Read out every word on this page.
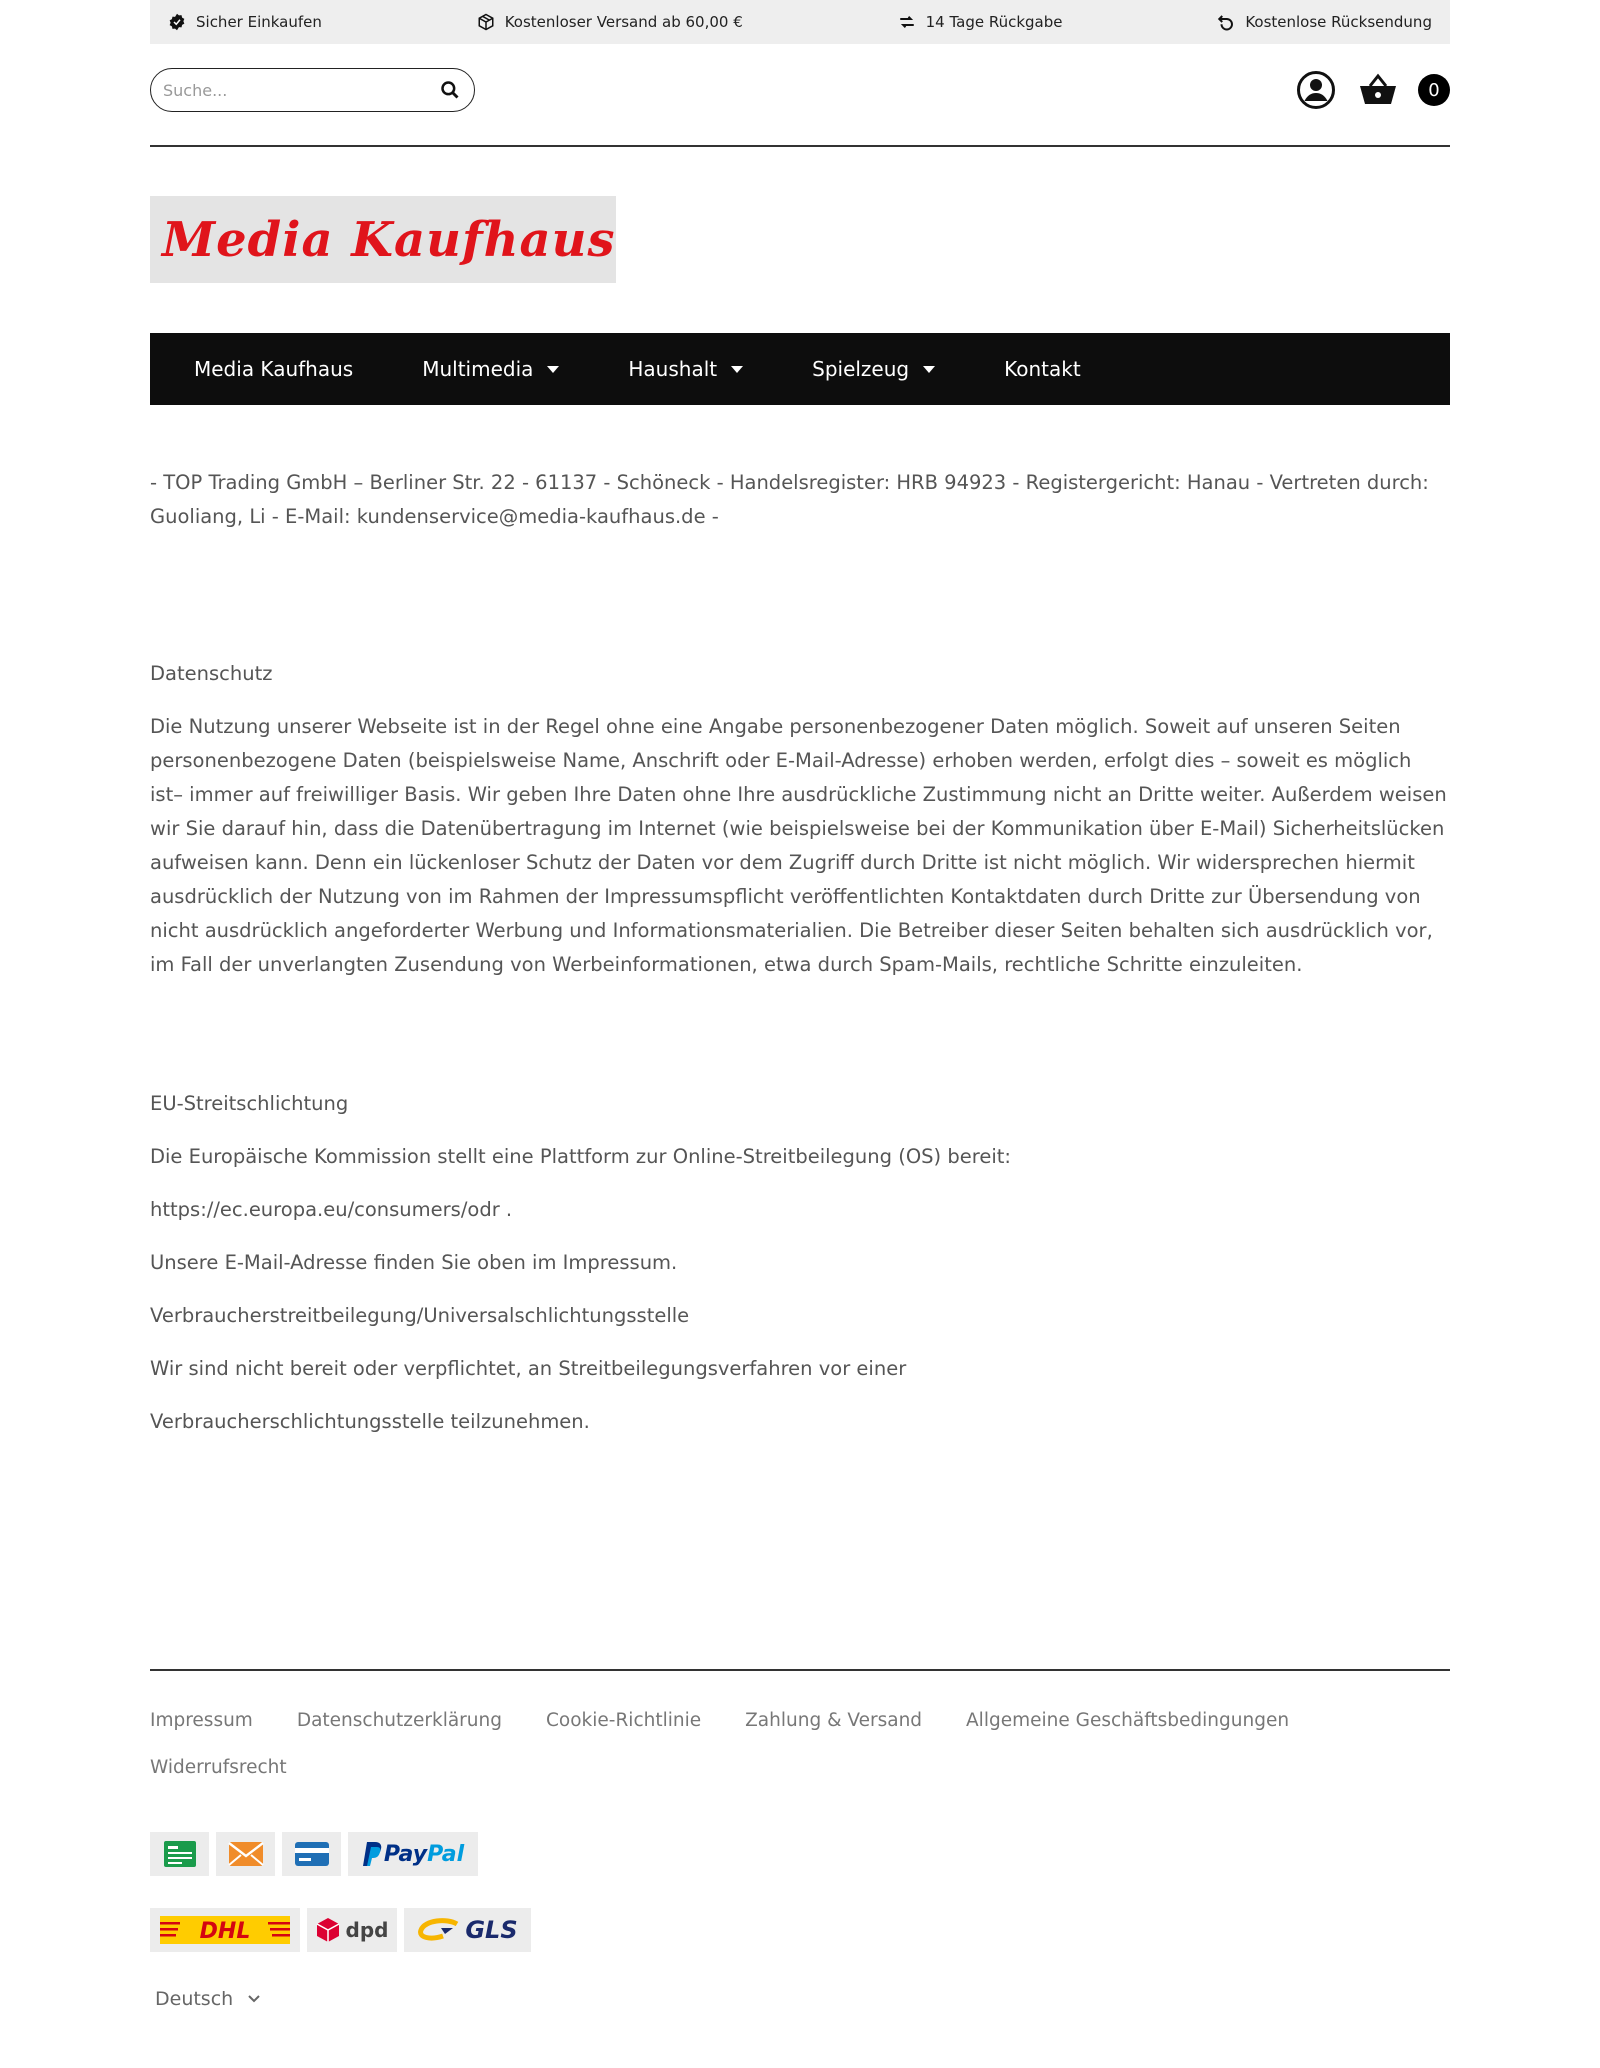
Sicher Einkaufen	Kostenloser Versand ab 60,00 €	14 Tage Rückgabe	Kostenlose Rücksendung
Suche...
0
Media Kaufhaus
Media Kaufhaus	Multimedia	Haushalt	Spielzeug	Kontakt

- TOP Trading GmbH – Berliner Str. 22 - 61137 - Schöneck - Handelsregister: HRB 94923 - Registergericht: Hanau - Vertreten durch: Guoliang, Li - E-Mail: kundenservice@media-kaufhaus.de -

Datenschutz

Die Nutzung unserer Webseite ist in der Regel ohne eine Angabe personenbezogener Daten möglich. Soweit auf unseren Seiten personenbezogene Daten (beispielsweise Name, Anschrift oder E-Mail-Adresse) erhoben werden, erfolgt dies – soweit es möglich ist– immer auf freiwilliger Basis. Wir geben Ihre Daten ohne Ihre ausdrückliche Zustimmung nicht an Dritte weiter. Außerdem weisen wir Sie darauf hin, dass die Datenübertragung im Internet (wie beispielsweise bei der Kommunikation über E-Mail) Sicherheitslücken aufweisen kann. Denn ein lückenloser Schutz der Daten vor dem Zugriff durch Dritte ist nicht möglich. Wir widersprechen hiermit ausdrücklich der Nutzung von im Rahmen der Impressumspflicht veröffentlichten Kontaktdaten durch Dritte zur Übersendung von nicht ausdrücklich angeforderter Werbung und Informationsmaterialien. Die Betreiber dieser Seiten behalten sich ausdrücklich vor, im Fall der unverlangten Zusendung von Werbeinformationen, etwa durch Spam-Mails, rechtliche Schritte einzuleiten.

EU-Streitschlichtung

Die Europäische Kommission stellt eine Plattform zur Online-Streitbeilegung (OS) bereit:

https://ec.europa.eu/consumers/odr .

Unsere E-Mail-Adresse finden Sie oben im Impressum.

Verbraucherstreitbeilegung/Universalschlichtungsstelle

Wir sind nicht bereit oder verpflichtet, an Streitbeilegungsverfahren vor einer

Verbraucherschlichtungsstelle teilzunehmen.

Impressum Datenschutzerklärung Cookie-Richtlinie Zahlung & Versand Allgemeine Geschäftsbedingungen
Widerrufsrecht
Pay Pal
DHL	dpd	GLS
Deutsch
